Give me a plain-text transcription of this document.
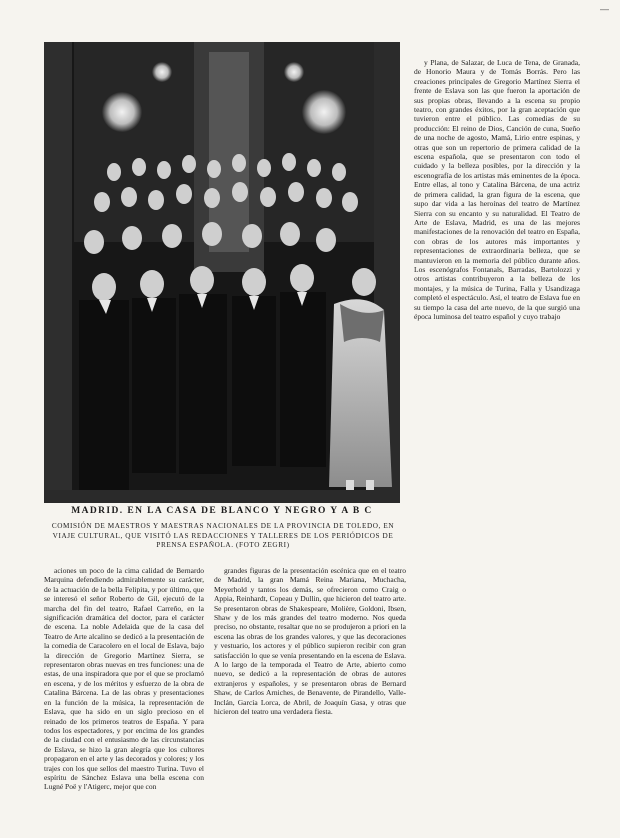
MADRID. EN LA CASA DE BLANCO Y NEGRO Y A B C
COMISIÓN DE MAESTROS Y MAESTRAS NACIONALES DE LA PROVINCIA DE TOLEDO, EN VIAJE CULTURAL, QUE VISITÓ LAS REDACCIONES Y TALLERES DE LOS PERIÓDICOS DE PRENSA ESPAÑOLA. (FOTO ZEGRI)

aciones un poco de la cima calidad de Bernardo Marquina defendiendo admirablemente su carácter, de la actuación de la bella Felipita, y por último, que se interesó el señor Roberto de Gil, ejecutó de la marcha del fin del teatro, Rafael Carreño, en la significación dramática del doctor, para el carácter de escena. La noble Adelaida que de la casa del Teatro de Arte alcalino se dedicó a la presentación de la comedia de Caracolero en el local de Eslava, bajo la dirección de Gregorio Martínez Sierra, se representaron obras nuevas en tres funciones: una de estas, de una inspiradora que por el que se proclamó en escena, y de los méritos y esfuerzo de la obra de Catalina Bárcena. La de las obras y presentaciones en la función de la música, la representación de Eslava, que ha sido en un siglo precioso en el reinado de los primeros teatros de España. Y para todos los espectadores, y por encima de los grandes de la ciudad con el entusiasmo de las circunstancias de Eslava, se hizo la gran alegría que los cultores propagaron en el arte y las decorados y colores; y los trajes con los que sellos del maestro Turina. Tuvo el espíritu de Sánchez Eslava una bella escena con Lugné Poë y l'Atigerc, mejor que con

grandes figuras de la presentación escénica que en el teatro de Madrid, la gran Mamá Reina Mariana, Muchacha, Meyerhold y tantos los demás, se ofrecieron como Craig o Appia, Reinhardt, Copeau y Dullin, que hicieron del teatro arte. Se presentaron obras de Shakespeare, Molière, Goldoni, Ibsen, Shaw y de los más grandes del teatro moderno. Nos queda preciso, no obstante, resaltar que no se produjeron a priori en la escena las obras de los grandes valores, y que las decoraciones y vestuario, los actores y el público supieron recibir con gran satisfacción lo que se venía presentando en la escena de Eslava. A lo largo de la temporada el Teatro de Arte, abierto como nuevo, se dedicó a la representación de obras de autores extranjeros y españoles, y se presentaron obras de Bernard Shaw, de Carlos Arniches, de Benavente, de Pirandello, Valle-Inclán, García Lorca, de Abril, de Joaquín Gasa, y otras que hicieron del teatro una verdadera fiesta.

y Plana, de Salazar, de Luca de Tena, de Granada, de Honorio Maura y de Tomás Borrás. Pero las creaciones principales de Gregorio Martínez Sierra el frente de Eslava son las que fueron la aportación de sus propias obras, llevando a la escena su propio teatro, con grandes éxitos, por la gran aceptación que tuvieron entre el público. Las comedias de su producción: El reino de Dios, Canción de cuna, Sueño de una noche de agosto, Mamá, Lirio entre espinas, y otras que son un repertorio de primera calidad de la escena española, que se presentaron con todo el cuidado y la belleza posibles, por la dirección y la escenografía de los artistas más eminentes de la época. Entre ellas, al tono y Catalina Bárcena, de una actriz de primera calidad, la gran figura de la escena, que supo dar vida a las heroínas del teatro de Martínez Sierra con su encanto y su naturalidad. El Teatro de Arte de Eslava, Madrid, es una de las mejores manifestaciones de la renovación del teatro en España, con obras de los autores más importantes y representaciones de extraordinaria belleza, que se mantuvieron en la memoria del público durante años. Los escenógrafos Fontanals, Barradas, Bartolozzi y otros artistas contribuyeron a la belleza de los montajes, y la música de Turina, Falla y Usandizaga completó el espectáculo. Así, el teatro de Eslava fue en su tiempo la casa del arte nuevo, de la que surgió una época luminosa del teatro español y cuyo trabajo

—
